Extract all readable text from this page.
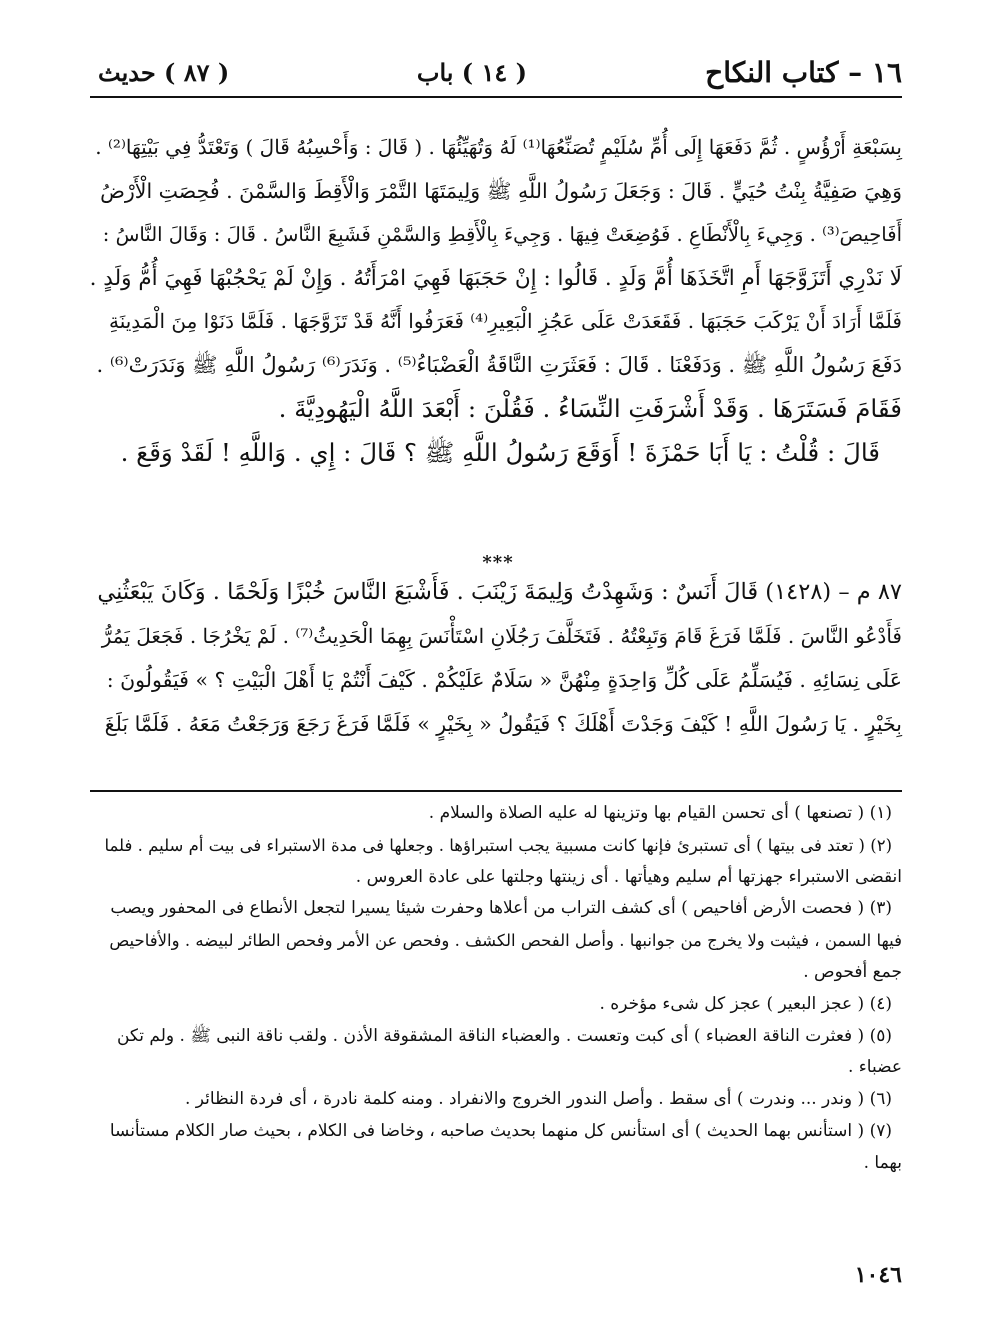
١٦ – كتاب النكاح
( ١٤ ) باب
( ٨٧ ) حديث

بِسَبْعَةِ أَرْؤُسٍ . ثُمَّ دَفَعَهَا إِلَى أُمِّ سُلَيْمٍ تُصَنِّعُهَا⁽¹⁾ لَهُ وَتُهَيِّئُهَا . ( قَالَ : وَأَحْسِبُهُ قَالَ ) وَتَعْتَدُّ فِي بَيْتِهَا⁽²⁾ .

وَهِيَ صَفِيَّةُ بِنْتُ حُيَيٍّ . قَالَ : وَجَعَلَ رَسُولُ اللَّهِ ﷺ وَلِيمَتَهَا التَّمْرَ وَالْأَقِطَ وَالسَّمْنَ . فُحِصَتِ الْأَرْضُ

أَفَاحِيصَ⁽³⁾ . وَجِيءَ بِالْأَنْطَاعِ . فَوُضِعَتْ فِيهَا . وَجِيءَ بِالْأَقِطِ وَالسَّمْنِ فَشَبِعَ النَّاسُ . قَالَ : وَقَالَ النَّاسُ :

لَا نَدْرِي أَتَزَوَّجَهَا أَمِ اتَّخَذَهَا أُمَّ وَلَدٍ . قَالُوا : إِنْ حَجَبَهَا فَهِيَ امْرَأَتُهُ . وَإِنْ لَمْ يَحْجُبْهَا فَهِيَ أُمُّ وَلَدٍ .

فَلَمَّا أَرَادَ أَنْ يَرْكَبَ حَجَبَهَا . فَقَعَدَتْ عَلَى عَجُزِ الْبَعِيرِ⁽⁴⁾ فَعَرَفُوا أَنَّهُ قَدْ تَزَوَّجَهَا . فَلَمَّا دَنَوْا مِنَ الْمَدِينَةِ

دَفَعَ رَسُولُ اللَّهِ ﷺ . وَدَفَعْنَا . قَالَ : فَعَثَرَتِ النَّاقَةُ الْعَضْبَاءُ⁽⁵⁾ . وَنَدَرَ⁽⁶⁾ رَسُولُ اللَّهِ ﷺ وَنَدَرَتْ⁽⁶⁾ .

فَقَامَ فَسَتَرَهَا . وَقَدْ أَشْرَفَتِ النِّسَاءُ . فَقُلْنَ : أَبْعَدَ اللَّهُ الْيَهُودِيَّةَ .

قَالَ : قُلْتُ : يَا أَبَا حَمْزَةَ ! أَوَقَعَ رَسُولُ اللَّهِ ﷺ ؟ قَالَ : إِي . وَاللَّهِ ! لَقَدْ وَقَعَ .

***

٨٧ م – (١٤٢٨) قَالَ أَنَسٌ : وَشَهِدْتُ وَلِيمَةَ زَيْنَبَ . فَأَشْبَعَ النَّاسَ خُبْزًا وَلَحْمًا . وَكَانَ يَبْعَثُنِي

فَأَدْعُو النَّاسَ . فَلَمَّا فَرَغَ قَامَ وَتَبِعْتُهُ . فَتَخَلَّفَ رَجُلَانِ اسْتَأْنَسَ بِهِمَا الْحَدِيثُ⁽⁷⁾ . لَمْ يَخْرُجَا . فَجَعَلَ يَمُرُّ

عَلَى نِسَائِهِ . فَيُسَلِّمُ عَلَى كُلِّ وَاحِدَةٍ مِنْهُنَّ « سَلَامٌ عَلَيْكُمْ . كَيْفَ أَنْتُمْ يَا أَهْلَ الْبَيْتِ ؟ » فَيَقُولُونَ :

بِخَيْرٍ . يَا رَسُولَ اللَّهِ ! كَيْفَ وَجَدْتَ أَهْلَكَ ؟ فَيَقُولُ « بِخَيْرٍ » فَلَمَّا فَرَغَ رَجَعَ وَرَجَعْتُ مَعَهُ . فَلَمَّا بَلَغَ

(١) ( تصنعها ) أى تحسن القيام بها وتزينها له عليه الصلاة والسلام .

(٢) ( تعتد فى بيتها ) أى تستبرئ فإنها كانت مسبية يجب استبراؤها . وجعلها فى مدة الاستبراء فى بيت أم سليم . فلما

انقضى الاستبراء جهزتها أم سليم وهيأتها . أى زينتها وجلتها على عادة العروس .

(٣) ( فحصت الأرض أفاحيص ) أى كشف التراب من أعلاها وحفرت شيئا يسيرا لتجعل الأنطاع فى المحفور ويصب

فيها السمن ، فيثبت ولا يخرج من جوانبها . وأصل الفحص الكشف . وفحص عن الأمر وفحص الطائر لبيضه . والأفاحيص

جمع أفحوص .

(٤) ( عجز البعير ) عجز كل شىء مؤخره .

(٥) ( فعثرت الناقة العضباء ) أى كبت وتعست . والعضباء الناقة المشقوقة الأذن . ولقب ناقة النبى ﷺ . ولم تكن

عضباء .

(٦) ( وندر ... وندرت ) أى سقط . وأصل الندور الخروج والانفراد . ومنه كلمة نادرة ، أى فردة النظائر .

(٧) ( استأنس بهما الحديث ) أى استأنس كل منهما بحديث صاحبه ، وخاضا فى الكلام ، بحيث صار الكلام مستأنسا

بهما .

١٠٤٦
